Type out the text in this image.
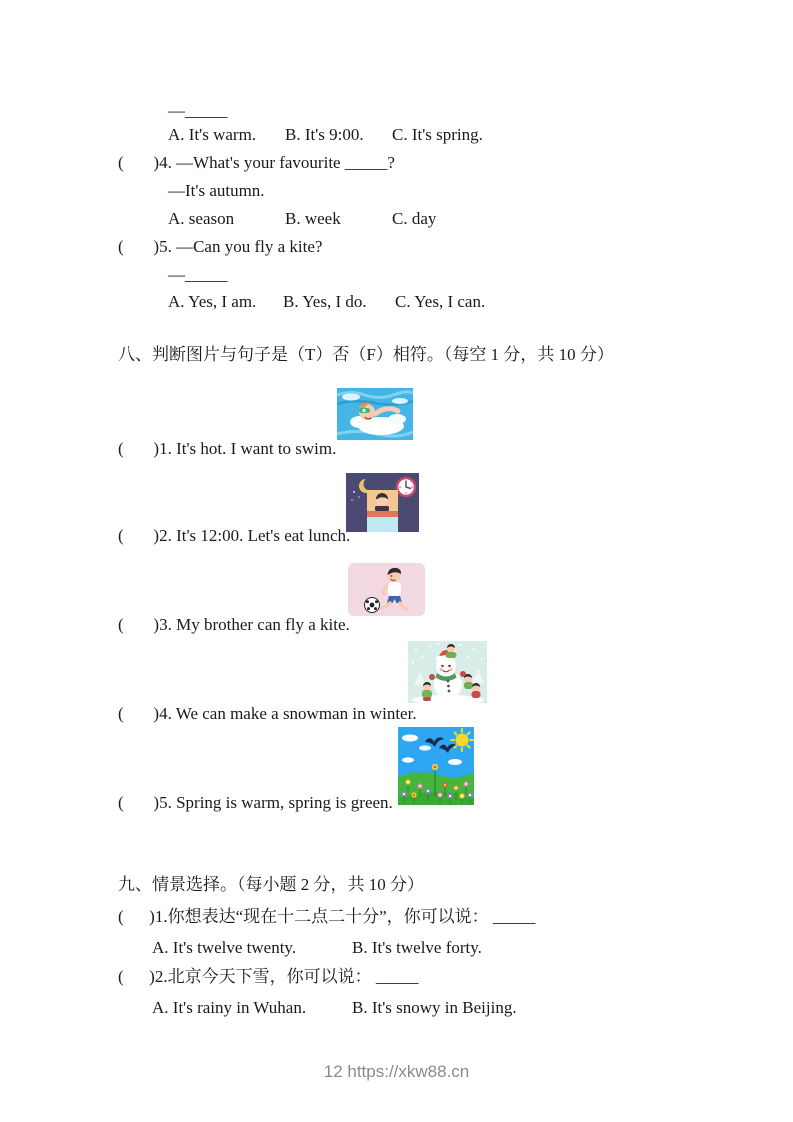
—_____
A. It's warm. B. It's 9:00. C. It's spring.
(       )4. —What's your favourite _____?
—It's autumn.
A. season	B. week	C. day
(       )5. —Can you fly a kite?
—_____
A. Yes, I am. B. Yes, I do. C. Yes, I can.
八、判断图片与句子是（T）否（F）相符。（每空 1 分，共 10 分）
(       )1. It's hot. I want to swim.
(       )2. It's 12:00. Let's eat lunch.
(       )3. My brother can fly a kite.
(       )4. We can make a snowman in winter.
(       )5. Spring is warm, spring is green.
九、情景选择。（每小题 2 分，共 10 分）
(      )1.你想表达“现在十二点二十分”，你可以说： _____
A. It's twelve twenty.	B. It's twelve forty.
(      )2.北京今天下雪，你可以说： _____
A. It's rainy in Wuhan.	B. It's snowy in Beijing.
12 https://xkw88.cn
